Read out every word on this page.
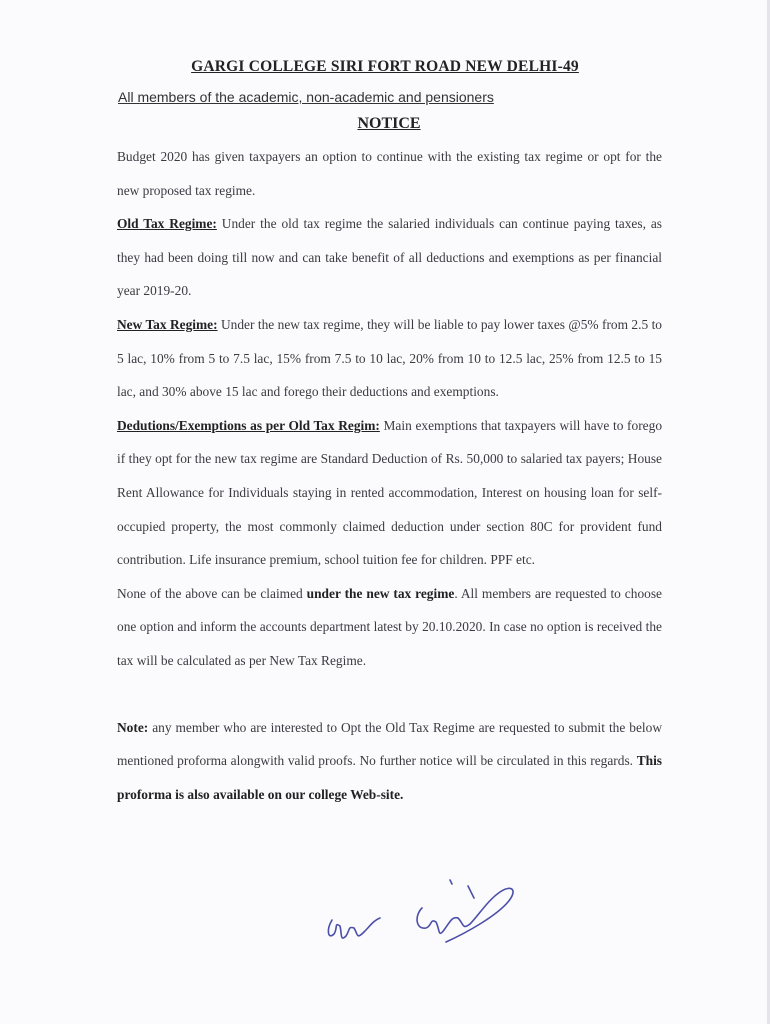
GARGI COLLEGE SIRI FORT ROAD NEW DELHI-49
All members of the academic, non-academic and pensioners
NOTICE

Budget 2020 has given taxpayers an option to continue with the existing tax regime or opt for the new proposed tax regime.

Old Tax Regime: Under the old tax regime the salaried individuals can continue paying taxes, as they had been doing till now and can take benefit of all deductions and exemptions as per financial year 2019-20.

New Tax Regime: Under the new tax regime, they will be liable to pay lower taxes @5% from 2.5 to 5 lac, 10% from 5 to 7.5 lac, 15% from 7.5 to 10 lac, 20% from 10 to 12.5 lac, 25% from 12.5 to 15 lac, and 30% above 15 lac and forego their deductions and exemptions.

Dedutions/Exemptions as per Old Tax Regim: Main exemptions that taxpayers will have to forego if they opt for the new tax regime are Standard Deduction of Rs. 50,000 to salaried tax payers; House Rent Allowance for Individuals staying in rented accommodation, Interest on housing loan for self-occupied property, the most commonly claimed deduction under section 80C for provident fund contribution. Life insurance premium, school tuition fee for children. PPF etc.

None of the above can be claimed under the new tax regime. All members are requested to choose one option and inform the accounts department latest by 20.10.2020. In case no option is received the tax will be calculated as per New Tax Regime.

Note: any member who are interested to Opt the Old Tax Regime are requested to submit the below mentioned proforma alongwith valid proofs. No further notice will be circulated in this regards. This proforma is also available on our college Web-site.
